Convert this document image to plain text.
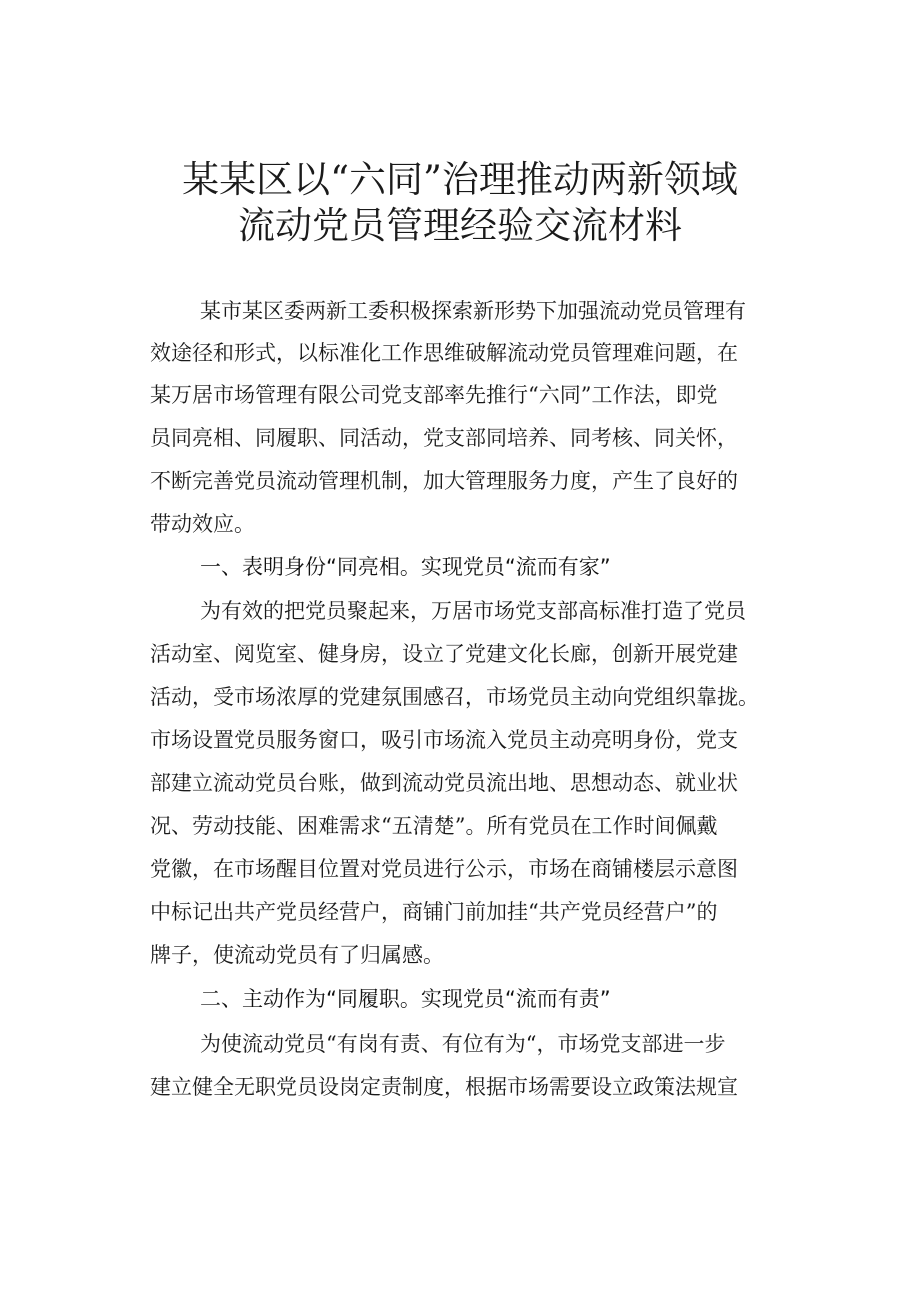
某某区以“六同”治理推动两新领域
流动党员管理经验交流材料
某市某区委两新工委积极探索新形势下加强流动党员管理有
效途径和形式，以标准化工作思维破解流动党员管理难问题，在
某万居市场管理有限公司党支部率先推行“六同”工作法，即党
员同亮相、同履职、同活动，党支部同培养、同考核、同关怀，
不断完善党员流动管理机制，加大管理服务力度，产生了良好的
带动效应。
一、表明身份“同亮相。实现党员“流而有家”
为有效的把党员聚起来，万居市场党支部高标准打造了党员
活动室、阅览室、健身房，设立了党建文化长廊，创新开展党建
活动，受市场浓厚的党建氛围感召，市场党员主动向党组织靠拢。
市场设置党员服务窗口，吸引市场流入党员主动亮明身份，党支
部建立流动党员台账，做到流动党员流出地、思想动态、就业状
况、劳动技能、困难需求“五清楚”。所有党员在工作时间佩戴
党徽，在市场醒目位置对党员进行公示，市场在商铺楼层示意图
中标记出共产党员经营户，商铺门前加挂“共产党员经营户”的
牌子，使流动党员有了归属感。
二、主动作为“同履职。实现党员“流而有责”
为使流动党员“有岗有责、有位有为“，市场党支部进一步
建立健全无职党员设岗定责制度，根据市场需要设立政策法规宣
